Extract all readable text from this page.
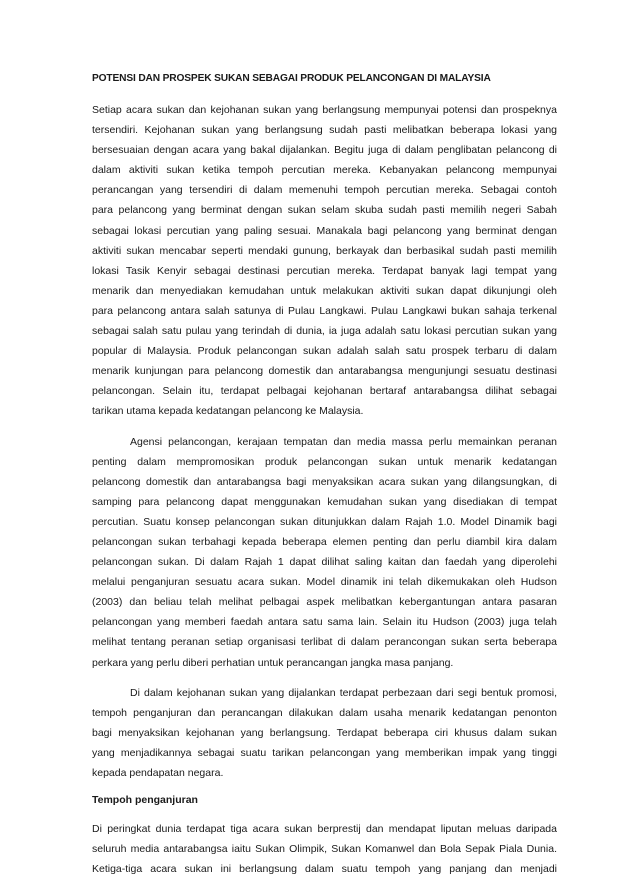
POTENSI DAN PROSPEK SUKAN SEBAGAI PRODUK PELANCONGAN DI MALAYSIA

Setiap acara sukan dan kejohanan sukan yang berlangsung mempunyai potensi dan prospeknya
tersendiri. Kejohanan sukan yang berlangsung sudah pasti melibatkan beberapa lokasi yang
bersesuaian dengan acara yang bakal dijalankan. Begitu juga di dalam penglibatan pelancong di
dalam aktiviti sukan ketika tempoh percutian mereka. Kebanyakan pelancong mempunyai
perancangan yang tersendiri di dalam memenuhi tempoh percutian mereka. Sebagai contoh
para pelancong yang berminat dengan sukan selam skuba sudah pasti memilih negeri Sabah
sebagai lokasi percutian yang paling sesuai. Manakala bagi pelancong yang berminat dengan
aktiviti sukan mencabar seperti mendaki gunung, berkayak dan berbasikal sudah pasti memilih
lokasi Tasik Kenyir sebagai destinasi percutian mereka. Terdapat banyak lagi tempat yang
menarik dan menyediakan kemudahan untuk melakukan aktiviti sukan dapat dikunjungi oleh
para pelancong antara salah satunya di Pulau Langkawi. Pulau Langkawi bukan sahaja terkenal
sebagai salah satu pulau yang terindah di dunia, ia juga adalah satu lokasi percutian sukan yang
popular di Malaysia. Produk pelancongan sukan adalah salah satu prospek terbaru di dalam
menarik kunjungan para pelancong domestik dan antarabangsa mengunjungi sesuatu destinasi
pelancongan. Selain itu, terdapat pelbagai kejohanan bertaraf antarabangsa dilihat sebagai
tarikan utama kepada kedatangan pelancong ke Malaysia.

Agensi pelancongan, kerajaan tempatan dan media massa perlu memainkan peranan
penting dalam mempromosikan produk pelancongan sukan untuk menarik kedatangan
pelancong domestik dan antarabangsa bagi menyaksikan acara sukan yang dilangsungkan, di
samping para pelancong dapat menggunakan kemudahan sukan yang disediakan di tempat
percutian. Suatu konsep pelancongan sukan ditunjukkan dalam Rajah 1.0. Model Dinamik bagi
pelancongan sukan terbahagi kepada beberapa elemen penting dan perlu diambil kira dalam
pelancongan sukan. Di dalam Rajah 1 dapat dilihat saling kaitan dan faedah yang diperolehi
melalui penganjuran sesuatu acara sukan. Model dinamik ini telah dikemukakan oleh Hudson
(2003) dan beliau telah melihat pelbagai aspek melibatkan kebergantungan antara pasaran
pelancongan yang memberi faedah antara satu sama lain. Selain itu Hudson (2003) juga telah
melihat tentang peranan setiap organisasi terlibat di dalam perancongan sukan serta beberapa
perkara yang perlu diberi perhatian untuk perancangan jangka masa panjang.

Di dalam kejohanan sukan yang dijalankan terdapat perbezaan dari segi bentuk promosi,
tempoh penganjuran dan perancangan dilakukan dalam usaha menarik kedatangan penonton
bagi menyaksikan kejohanan yang berlangsung. Terdapat beberapa ciri khusus dalam sukan
yang menjadikannya sebagai suatu tarikan pelancongan yang memberikan impak yang tinggi
kepada pendapatan negara.

Tempoh penganjuran

Di peringkat dunia terdapat tiga acara sukan berprestij dan mendapat liputan meluas daripada
seluruh media antarabangsa iaitu Sukan Olimpik, Sukan Komanwel dan Bola Sepak Piala Dunia.
Ketiga-tiga acara sukan ini berlangsung dalam suatu tempoh yang panjang dan menjadi
